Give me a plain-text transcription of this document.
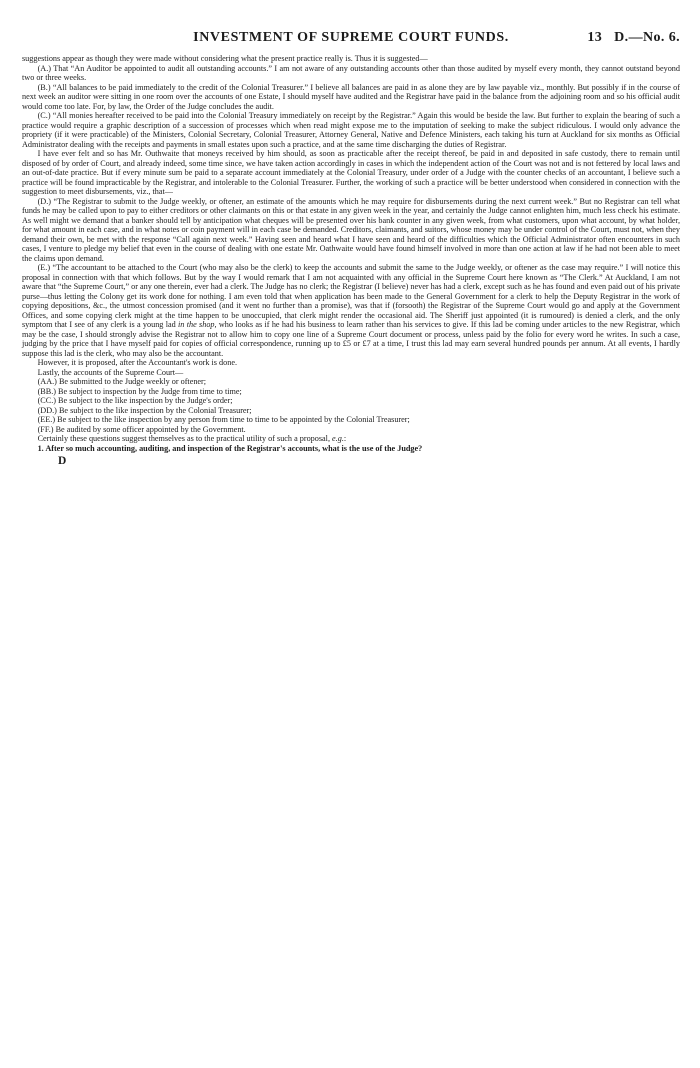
INVESTMENT OF SUPREME COURT FUNDS.	13 D.—No. 6.

suggestions appear as though they were made without considering what the present practice really is. Thus it is suggested—

(A.) That “An Auditor be appointed to audit all outstanding accounts.” I am not aware of any outstanding accounts other than those audited by myself every month, they cannot outstand beyond two or three weeks.

(B.) “All balances to be paid immediately to the credit of the Colonial Treasurer.” I believe all balances are paid in as alone they are by law payable viz., monthly. But possibly if in the course of next week an auditor were sitting in one room over the accounts of one Estate, I should myself have audited and the Registrar have paid in the balance from the adjoining room and so his official audit would come too late. For, by law, the Order of the Judge concludes the audit.

(C.) “All monies hereafter received to be paid into the Colonial Treasury immediately on receipt by the Registrar.” Again this would be beside the law. But further to explain the bearing of such a practice would require a graphic description of a succession of processes which when read might expose me to the imputation of seeking to make the subject ridiculous. I would only advance the propriety (if it were practicable) of the Ministers, Colonial Secretary, Colonial Treasurer, Attorney General, Native and Defence Ministers, each taking his turn at Auckland for six months as Official Administrator dealing with the receipts and payments in small estates upon such a practice, and at the same time discharging the duties of Registrar.

I have ever felt and so has Mr. Outhwaite that moneys received by him should, as soon as practicable after the receipt thereof, be paid in and deposited in safe custody, there to remain until disposed of by order of Court, and already indeed, some time since, we have taken action accordingly in cases in which the independent action of the Court was not and is not fettered by local laws and an out-of-date practice. But if every minute sum be paid to a separate account immediately at the Colonial Treasury, under order of a Judge with the counter checks of an accountant, I believe such a practice will be found impracticable by the Registrar, and intolerable to the Colonial Treasurer. Further, the working of such a practice will be better understood when considered in connection with the suggestion to meet disbursements, viz., that—

(D.) “The Registrar to submit to the Judge weekly, or oftener, an estimate of the amounts which he may require for disbursements during the next current week.” But no Registrar can tell what funds he may be called upon to pay to either creditors or other claimants on this or that estate in any given week in the year, and certainly the Judge cannot enlighten him, much less check his estimate. As well might we demand that a banker should tell by anticipation what cheques will be presented over his bank counter in any given week, from what customers, upon what account, by what holder, for what amount in each case, and in what notes or coin payment will in each case be demanded. Creditors, claimants, and suitors, whose money may be under control of the Court, must not, when they demand their own, be met with the response “Call again next week.” Having seen and heard what I have seen and heard of the difficulties which the Official Administrator often encounters in such cases, I venture to pledge my belief that even in the course of dealing with one estate Mr. Oathwaite would have found himself involved in more than one action at law if he had not been able to meet the claims upon demand.

(E.) “The accountant to be attached to the Court (who may also be the clerk) to keep the accounts and submit the same to the Judge weekly, or oftener as the case may require.” I will notice this proposal in connection with that which follows. But by the way I would remark that I am not acquainted with any official in the Supreme Court here known as “The Clerk.” At Auckland, I am not aware that “the Supreme Court,” or any one therein, ever had a clerk. The Judge has no clerk; the Registrar (I believe) never has had a clerk, except such as he has found and even paid out of his private purse—thus letting the Colony get its work done for nothing. I am even told that when application has been made to the General Government for a clerk to help the Deputy Registrar in the work of copying depositions, &c., the utmost concession promised (and it went no further than a promise), was that if (forsooth) the Registrar of the Supreme Court would go and apply at the Government Offices, and some copying clerk might at the time happen to be unoccupied, that clerk might render the occasional aid. The Sheriff just appointed (it is rumoured) is denied a clerk, and the only symptom that I see of any clerk is a young lad in the shop, who looks as if he had his business to learn rather than his services to give. If this lad be coming under articles to the new Registrar, which may be the case, I should strongly advise the Registrar not to allow him to copy one line of a Supreme Court document or process, unless paid by the folio for every word he writes. In such a case, judging by the price that I have myself paid for copies of official correspondence, running up to £5 or £7 at a time, I trust this lad may earn several hundred pounds per annum. At all events, I hardly suppose this lad is the clerk, who may also be the accountant.

However, it is proposed, after the Accountant's work is done.

Lastly, the accounts of the Supreme Court—

(AA.) Be submitted to the Judge weekly or oftener;

(BB.) Be subject to inspection by the Judge from time to time;

(CC.) Be subject to the like inspection by the Judge's order;

(DD.) Be subject to the like inspection by the Colonial Treasurer;

(EE.) Be subject to the like inspection by any person from time to time to be appointed by the Colonial Treasurer;

(FF.) Be audited by some officer appointed by the Government.

Certainly these questions suggest themselves as to the practical utility of such a proposal, e.g.:

1. After so much accounting, auditing, and inspection of the Registrar's accounts, what is the use of the Judge?

D
